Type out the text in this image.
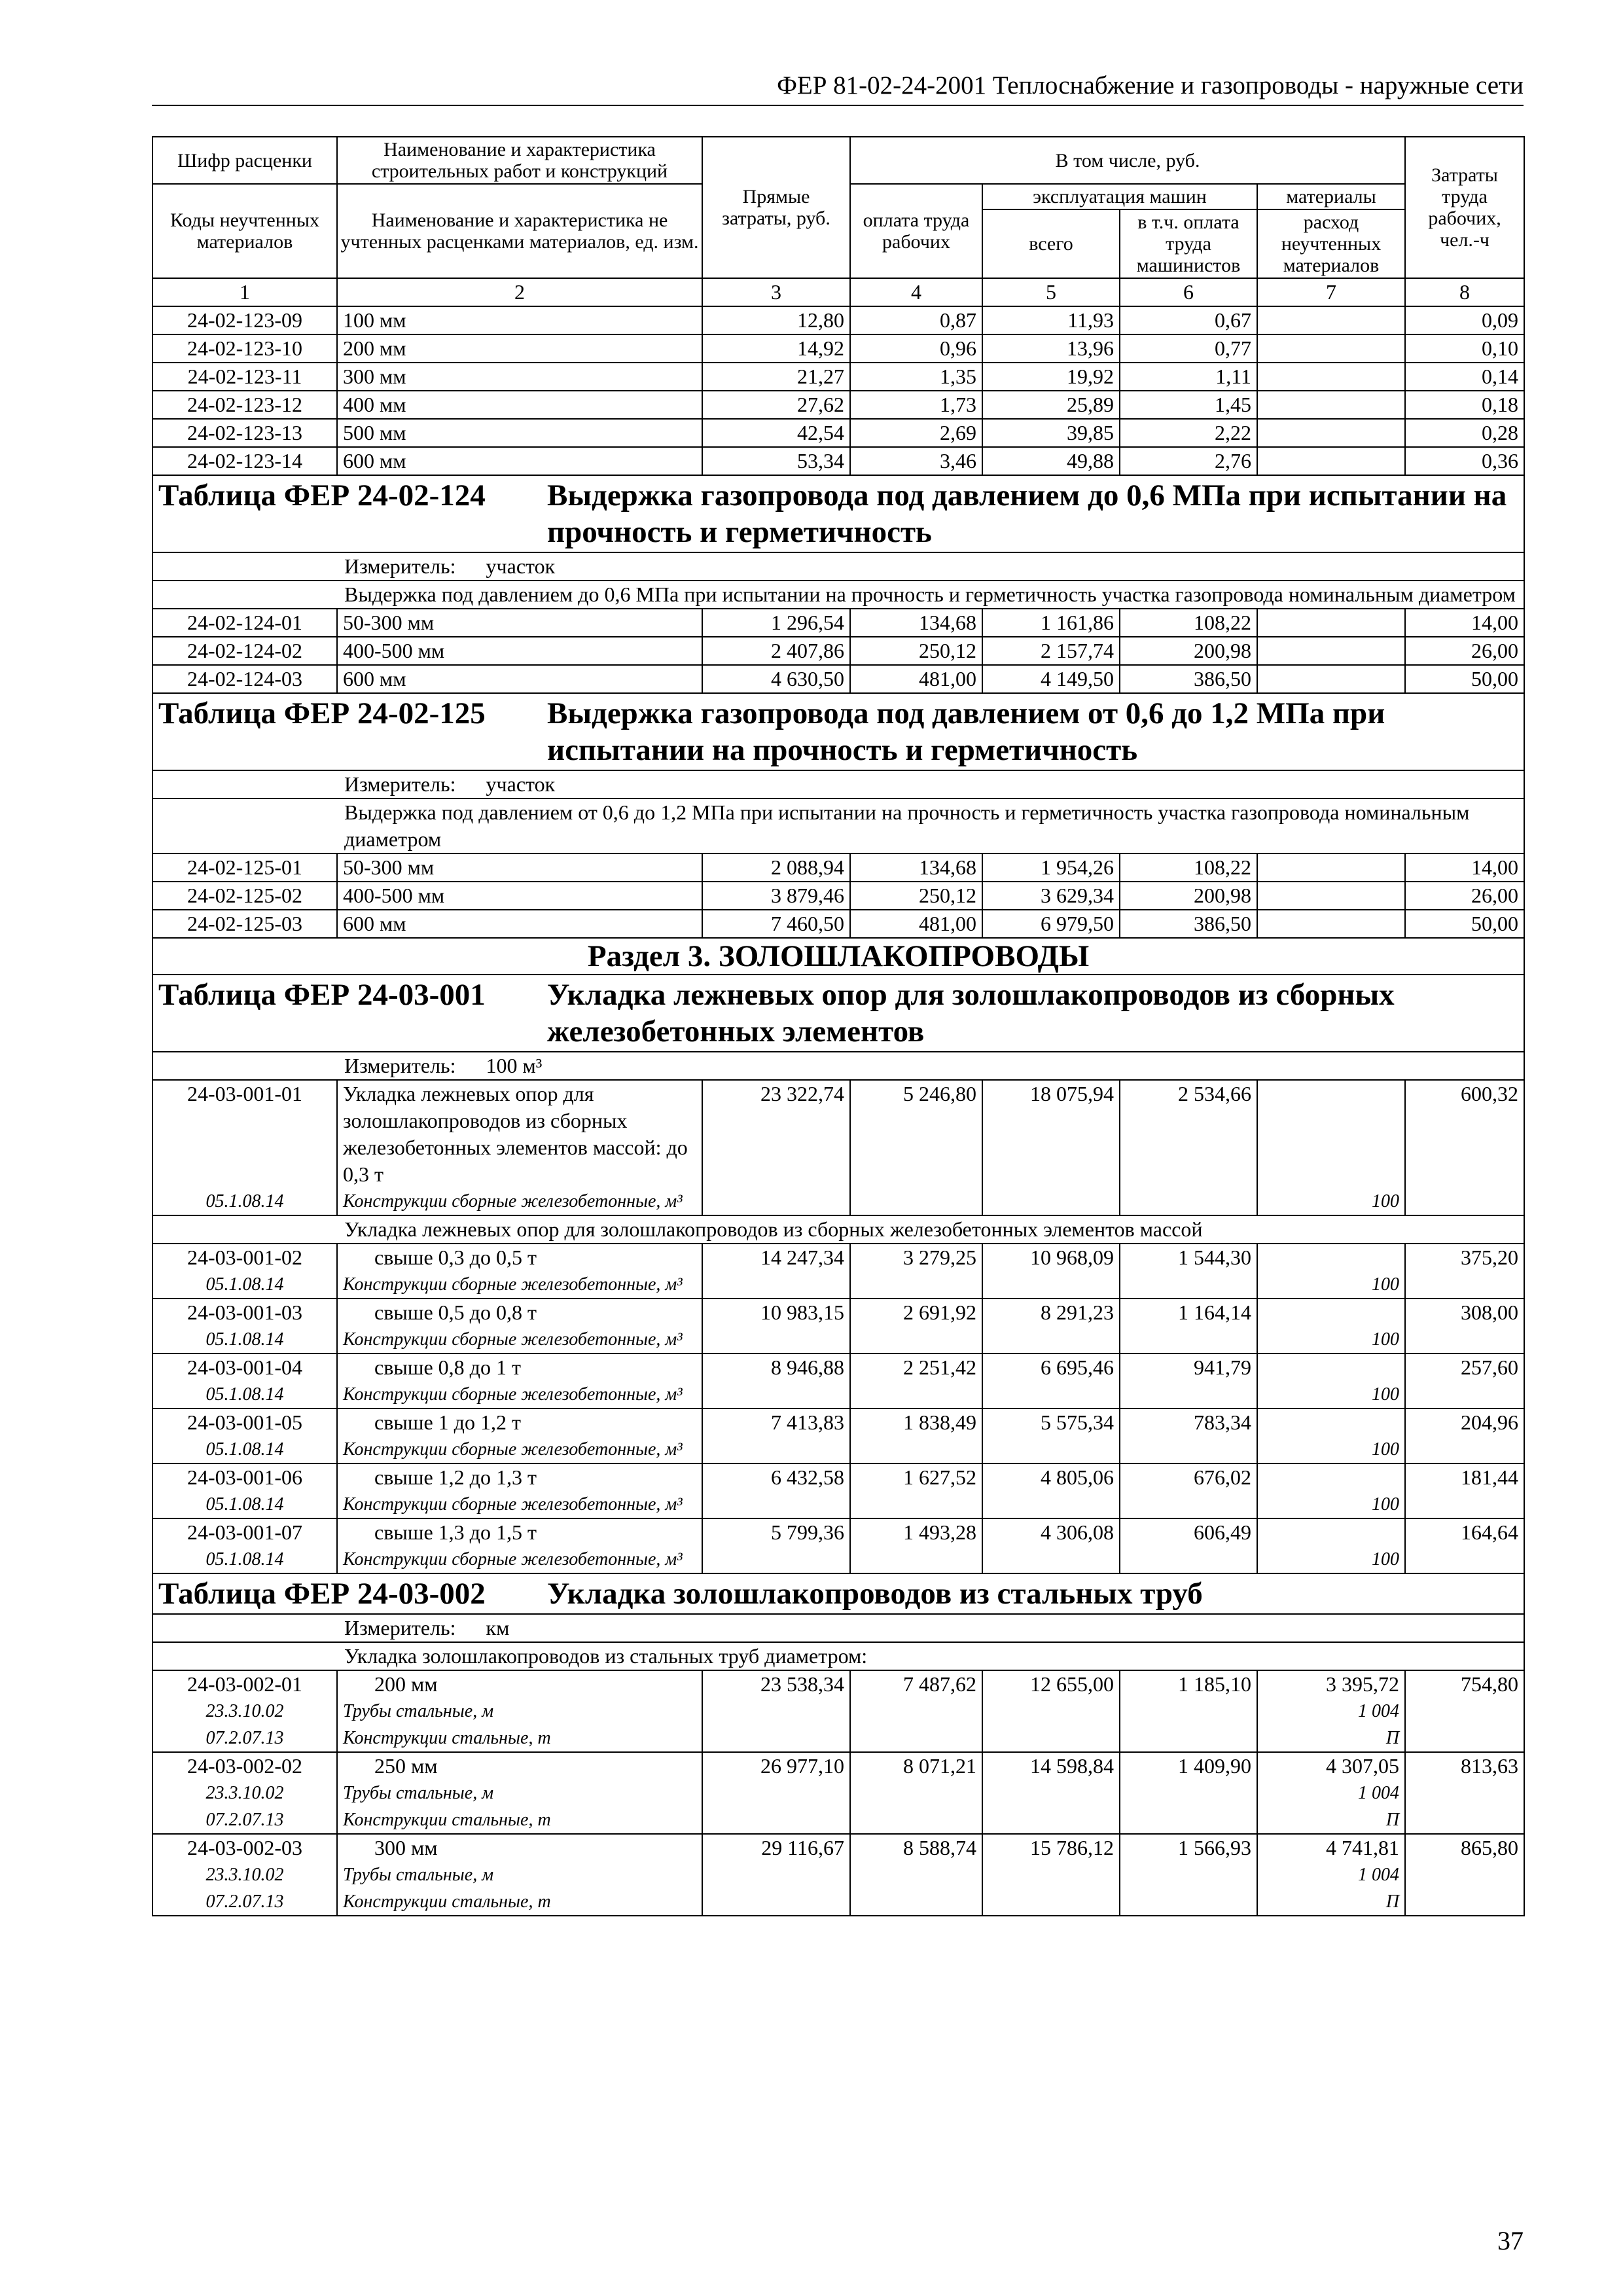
ФЕР 81-02-24-2001 Теплоснабжение и газопроводы - наружные сети
Шифр расценки	Наименование и характеристика строительных работ и конструкций	Прямые затраты, руб.	В том числе, руб.				Затраты труда рабочих, чел.-ч
Коды неучтенных материалов	Наименование и характеристика не учтенных расценками материалов, ед. изм.		оплата труда рабочих	эксплуатация машин		материалы	
				всего	в т.ч. оплата труда машинистов	расход неучтенных материалов	
1	2	3	4	5	6	7	8
24-02-123-09	100 мм	12,80	0,87	11,93	0,67		0,09
24-02-123-10	200 мм	14,92	0,96	13,96	0,77		0,10
24-02-123-11	300 мм	21,27	1,35	19,92	1,11		0,14
24-02-123-12	400 мм	27,62	1,73	25,89	1,45		0,18
24-02-123-13	500 мм	42,54	2,69	39,85	2,22		0,28
24-02-123-14	600 мм	53,34	3,46	49,88	2,76		0,36
Таблица ФЕР 24-02-124 Выдержка газопровода под давлением до 0,6 МПа при испытании на прочность и герметичность							
Измеритель: участок							
Выдержка под давлением до 0,6 МПа при испытании на прочность и герметичность участка газопровода номинальным диаметром							
24-02-124-01	50-300 мм	1 296,54	134,68	1 161,86	108,22		14,00
24-02-124-02	400-500 мм	2 407,86	250,12	2 157,74	200,98		26,00
24-02-124-03	600 мм	4 630,50	481,00	4 149,50	386,50		50,00
Таблица ФЕР 24-02-125 Выдержка газопровода под давлением от 0,6 до 1,2 МПа при испытании на прочность и герметичность							
Измеритель: участок							
Выдержка под давлением от 0,6 до 1,2 МПа при испытании на прочность и герметичность участка газопровода номинальным диаметром							
24-02-125-01	50-300 мм	2 088,94	134,68	1 954,26	108,22		14,00
24-02-125-02	400-500 мм	3 879,46	250,12	3 629,34	200,98		26,00
24-02-125-03	600 мм	7 460,50	481,00	6 979,50	386,50		50,00
Раздел 3. ЗОЛОШЛАКОПРОВОДЫ							
Таблица ФЕР 24-03-001 Укладка лежневых опор для золошлакопроводов из сборных железобетонных элементов							
Измеритель: 100 м³							
24-03-001-01	Укладка лежневых опор для золошлакопроводов из сборных железобетонных элементов массой: до 0,3 т	23 322,74	5 246,80	18 075,94	2 534,66		600,32
05.1.08.14	Конструкции сборные железобетонные, м³					100	
Укладка лежневых опор для золошлакопроводов из сборных железобетонных элементов массой							
24-03-001-02	свыше 0,3 до 0,5 т	14 247,34	3 279,25	10 968,09	1 544,30		375,20
05.1.08.14	Конструкции сборные железобетонные, м³					100	
24-03-001-03	свыше 0,5 до 0,8 т	10 983,15	2 691,92	8 291,23	1 164,14		308,00
05.1.08.14	Конструкции сборные железобетонные, м³					100	
24-03-001-04	свыше 0,8 до 1 т	8 946,88	2 251,42	6 695,46	941,79		257,60
05.1.08.14	Конструкции сборные железобетонные, м³					100	
24-03-001-05	свыше 1 до 1,2 т	7 413,83	1 838,49	5 575,34	783,34		204,96
05.1.08.14	Конструкции сборные железобетонные, м³					100	
24-03-001-06	свыше 1,2 до 1,3 т	6 432,58	1 627,52	4 805,06	676,02		181,44
05.1.08.14	Конструкции сборные железобетонные, м³					100	
24-03-001-07	свыше 1,3 до 1,5 т	5 799,36	1 493,28	4 306,08	606,49		164,64
05.1.08.14	Конструкции сборные железобетонные, м³					100	
Таблица ФЕР 24-03-002 Укладка золошлакопроводов из стальных труб							
Измеритель: км							
Укладка золошлакопроводов из стальных труб диаметром:							
24-03-002-01	200 мм	23 538,34	7 487,62	12 655,00	1 185,10	3 395,72	754,80
23.3.10.02	Трубы стальные, м					1 004	
07.2.07.13	Конструкции стальные, т					П	
24-03-002-02	250 мм	26 977,10	8 071,21	14 598,84	1 409,90	4 307,05	813,63
23.3.10.02	Трубы стальные, м					1 004	
07.2.07.13	Конструкции стальные, т					П	
24-03-002-03	300 мм	29 116,67	8 588,74	15 786,12	1 566,93	4 741,81	865,80
23.3.10.02	Трубы стальные, м					1 004	
07.2.07.13	Конструкции стальные, т					П	
37
